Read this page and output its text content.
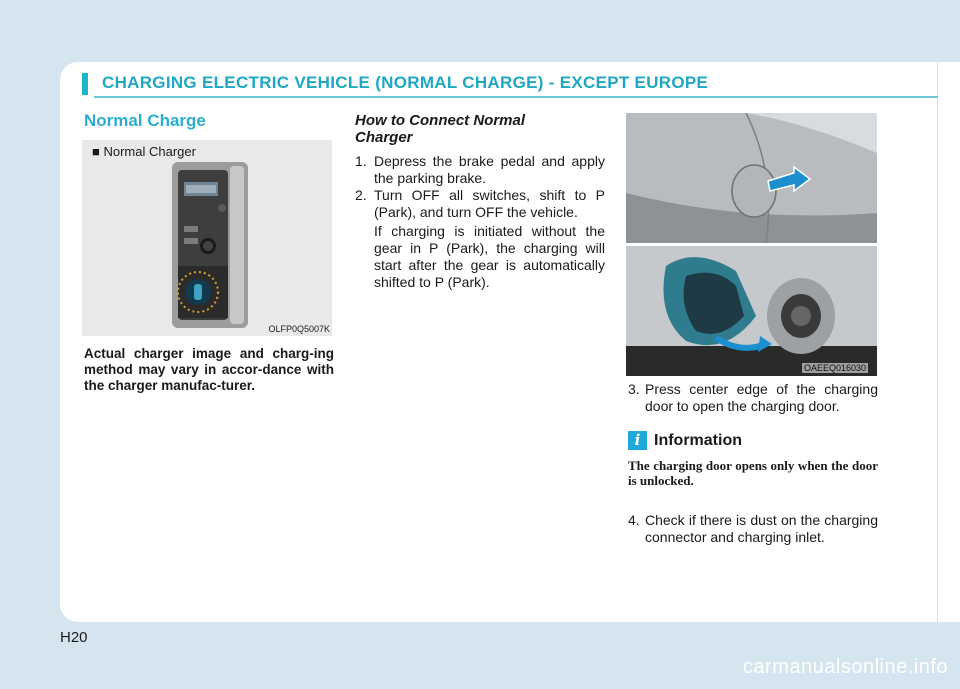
CHARGING ELECTRIC VEHICLE (NORMAL CHARGE) - EXCEPT EUROPE
Normal Charge
■ Normal Charger
OLFP0Q5007K
Actual charger image and charg-ing method may vary in accor-dance with the charger manufac-turer.
How to Connect Normal Charger
1. Depress the brake pedal and apply the parking brake.
2. Turn OFF all switches, shift to P (Park), and turn OFF the vehicle.
If charging is initiated without the gear in P (Park), the charging will start after the gear is automatically shifted to P (Park).
OAEEQ016030
3. Press center edge of the charging door to open the charging door.
i Information
The charging door opens only when the door is unlocked.
4. Check if there is dust on the charging connector and charging inlet.
H20
carmanualsonline.info
